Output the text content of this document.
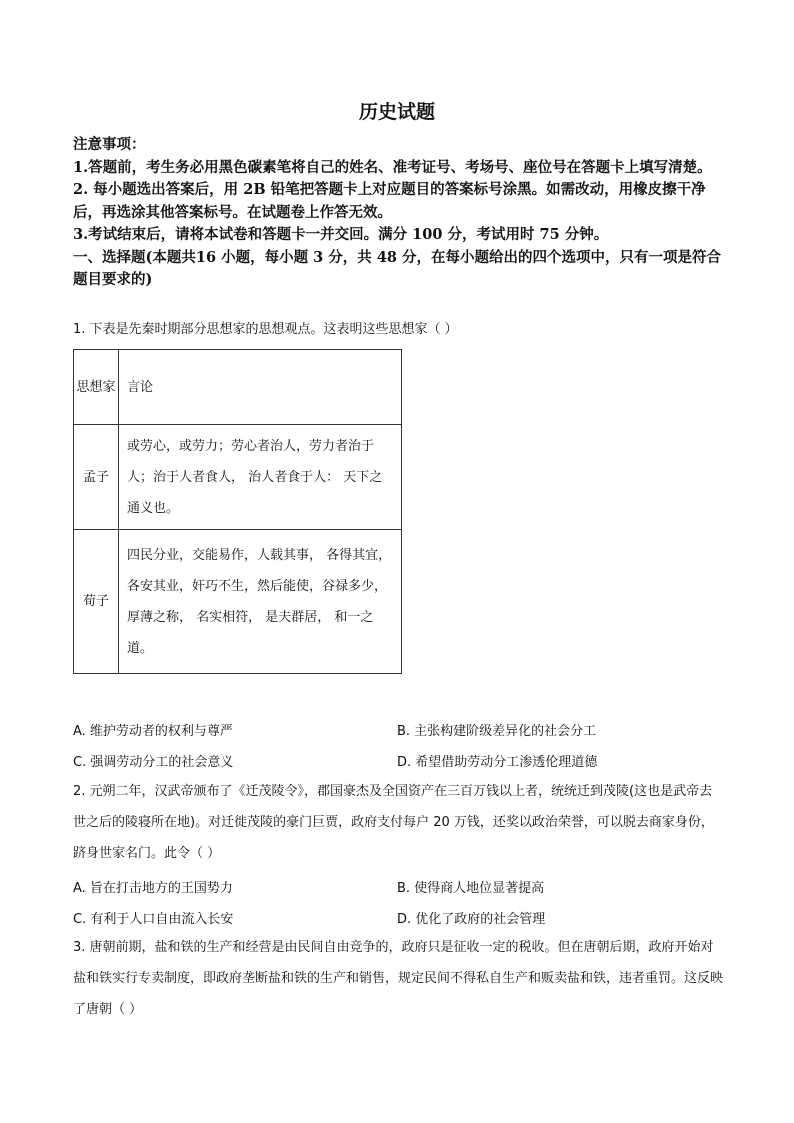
历史试题

注意事项：

1.答题前，考生务必用黑色碳素笔将自己的姓名、准考证号、考场号、座位号在答题卡上填写清楚。

2. 每小题选出答案后，用 2B 铅笔把答题卡上对应题目的答案标号涂黑。如需改动，用橡皮擦干净后，再选涂其他答案标号。在试题卷上作答无效。

3.考试结束后，请将本试卷和答题卡一并交回。满分 100 分，考试用时 75 分钟。

一、选择题(本题共16 小题，每小题 3 分，共 48 分，在每小题给出的四个选项中，只有一项是符合题目要求的)

1. 下表是先秦时期部分思想家的思想观点。这表明这些思想家（ ）
思想家	言论
孟子	或劳心，或劳力；劳心者治人，劳力者治于人；治于人者食人， 治人者食于人： 天下之通义也。
荀子	四民分业，交能易作，人载其事， 各得其宜，各安其业，奸巧不生，然后能使，谷禄多少， 厚薄之称， 名实相符， 是夫群居， 和一之道。
A. 维护劳动者的权利与尊严	B. 主张构建阶级差异化的社会分工
C. 强调劳动分工的社会意义	D. 希望借助劳动分工渗透伦理道德
2. 元朔二年，汉武帝颁布了《迁茂陵令》，郡国豪杰及全国资产在三百万钱以上者，统统迁到茂陵(这也是武帝去世之后的陵寝所在地)。对迁徙茂陵的豪门巨贾，政府支付每户 20 万钱，还奖以政治荣誉，可以脱去商家身份，跻身世家名门。此令（ ）
A. 旨在打击地方的王国势力	B. 使得商人地位显著提高
C. 有利于人口自由流入长安	D. 优化了政府的社会管理
3. 唐朝前期，盐和铁的生产和经营是由民间自由竞争的，政府只是征收一定的税收。但在唐朝后期，政府开始对盐和铁实行专卖制度，即政府垄断盐和铁的生产和销售，规定民间不得私自生产和贩卖盐和铁，违者重罚。这反映了唐朝（ ）
